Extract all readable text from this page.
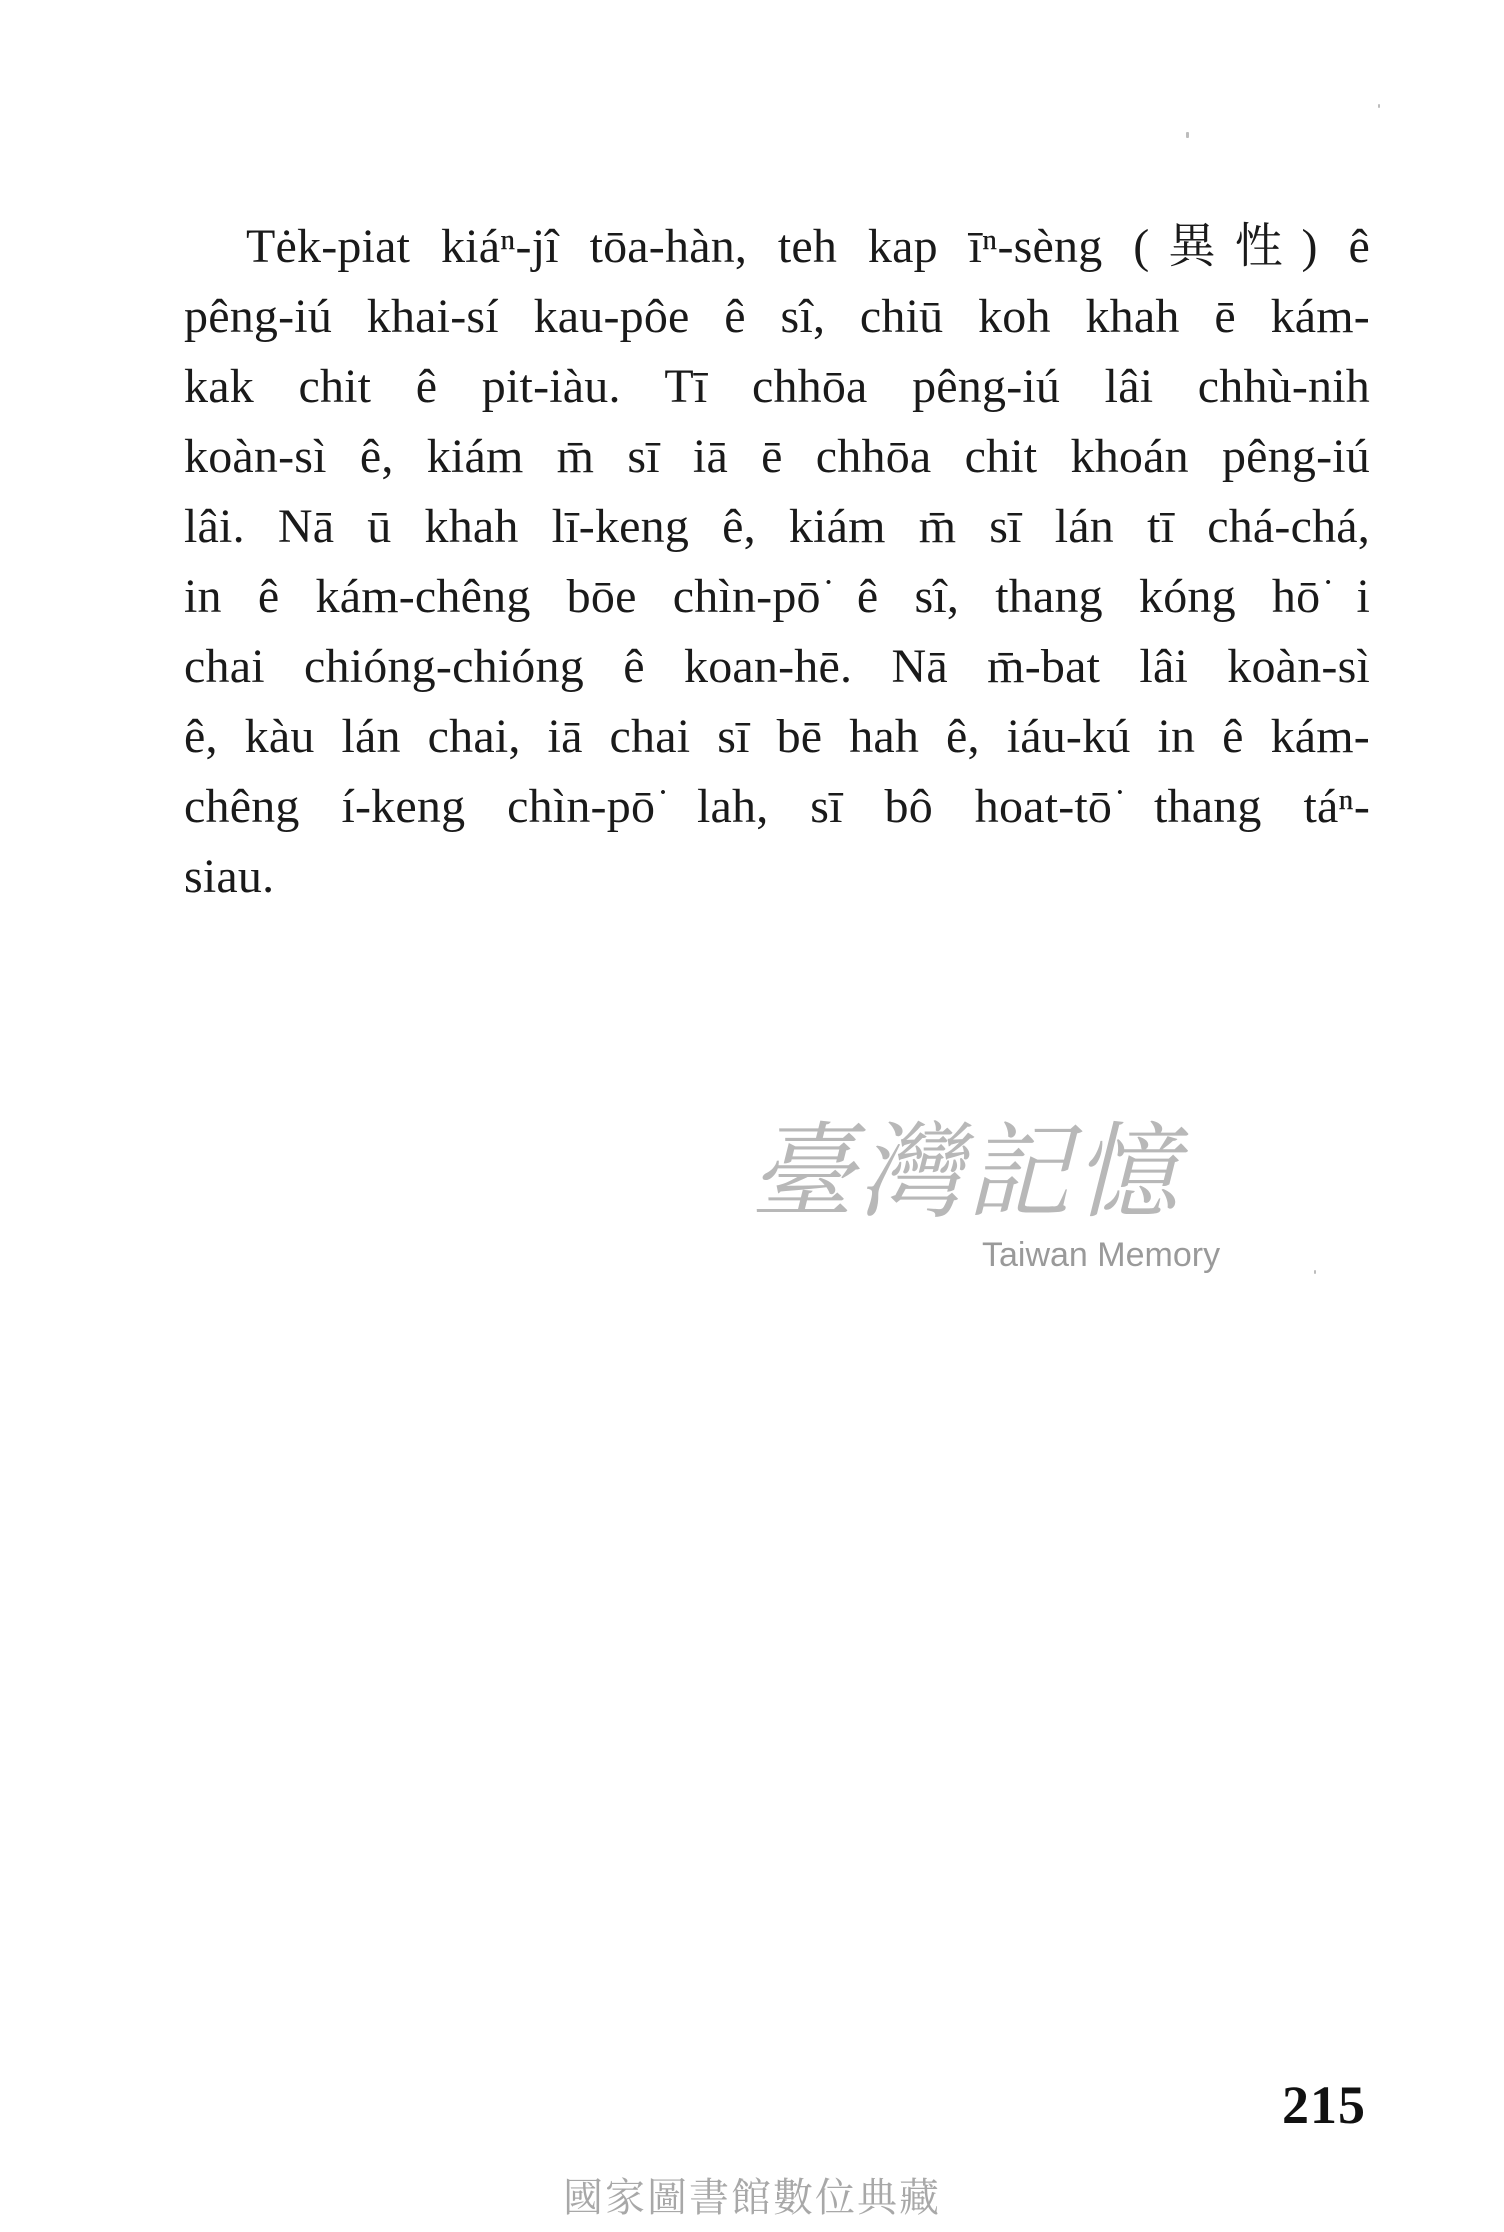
Tėk-piat kiáⁿ-jî tōa-hàn, teh kap īⁿ-sèng (異性) ê
pêng-iú khai-sí kau-pôe ê sî, chiū koh khah ē kám-
kak chit ê pit-iàu. Tī chhōa pêng-iú lâi chhù-nih
koàn-sì ê, kiám m̄ sī iā ē chhōa chit khoán pêng-iú
lâi. Nā ū khah lī-keng ê, kiám m̄ sī lán tī chá-chá,
in ê kám-chêng bōe chìn-pō͘ ê sî, thang kóng hō͘ i
chai chióng-chióng ê koan-hē. Nā m̄-bat lâi koàn-sì
ê, kàu lán chai, iā chai sī bē hah ê, iáu-kú in ê kám-
chêng í-keng chìn-pō͘ lah, sī bô hoat-tō͘ thang táⁿ-
siau.
臺灣記憶
Taiwan Memory
215
國家圖書館數位典藏
